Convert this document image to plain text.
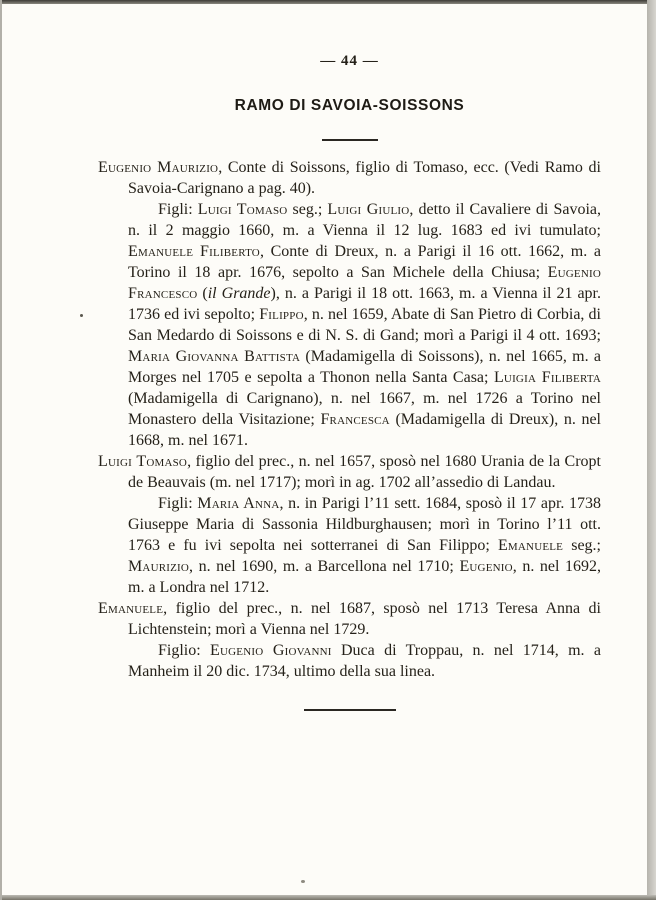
— 44 —
RAMO DI SAVOIA-SOISSONS

Eugenio Maurizio, Conte di Soissons, figlio di Tomaso, ecc. (Vedi Ramo di Savoia-Carignano a pag. 40).

Figli: Luigi Tomaso seg.; Luigi Giulio, detto il Cavaliere di Savoia, n. il 2 maggio 1660, m. a Vienna il 12 lug. 1683 ed ivi tumulato; Emanuele Filiberto, Conte di Dreux, n. a Parigi il 16 ott. 1662, m. a Torino il 18 apr. 1676, sepolto a San Michele della Chiusa; Eugenio Francesco (il Grande), n. a Parigi il 18 ott. 1663, m. a Vienna il 21 apr. 1736 ed ivi sepolto; Filippo, n. nel 1659, Abate di San Pietro di Corbia, di San Medardo di Soissons e di N. S. di Gand; morì a Parigi il 4 ott. 1693; Maria Giovanna Battista (Madamigella di Soissons), n. nel 1665, m. a Morges nel 1705 e sepolta a Thonon nella Santa Casa; Luigia Filiberta (Madamigella di Carignano), n. nel 1667, m. nel 1726 a Torino nel Monastero della Visitazione; Francesca (Madamigella di Dreux), n. nel 1668, m. nel 1671.

Luigi Tomaso, figlio del prec., n. nel 1657, sposò nel 1680 Urania de la Cropt de Beauvais (m. nel 1717); morì in ag. 1702 all’assedio di Landau.

Figli: Maria Anna, n. in Parigi l’11 sett. 1684, sposò il 17 apr. 1738 Giuseppe Maria di Sassonia Hildburghausen; morì in Torino l’11 ott. 1763 e fu ivi sepolta nei sotterranei di San Filippo; Emanuele seg.; Maurizio, n. nel 1690, m. a Barcellona nel 1710; Eugenio, n. nel 1692, m. a Londra nel 1712.

Emanuele, figlio del prec., n. nel 1687, sposò nel 1713 Teresa Anna di Lichtenstein; morì a Vienna nel 1729.

Figlio: Eugenio Giovanni Duca di Troppau, n. nel 1714, m. a Manheim il 20 dic. 1734, ultimo della sua linea.
